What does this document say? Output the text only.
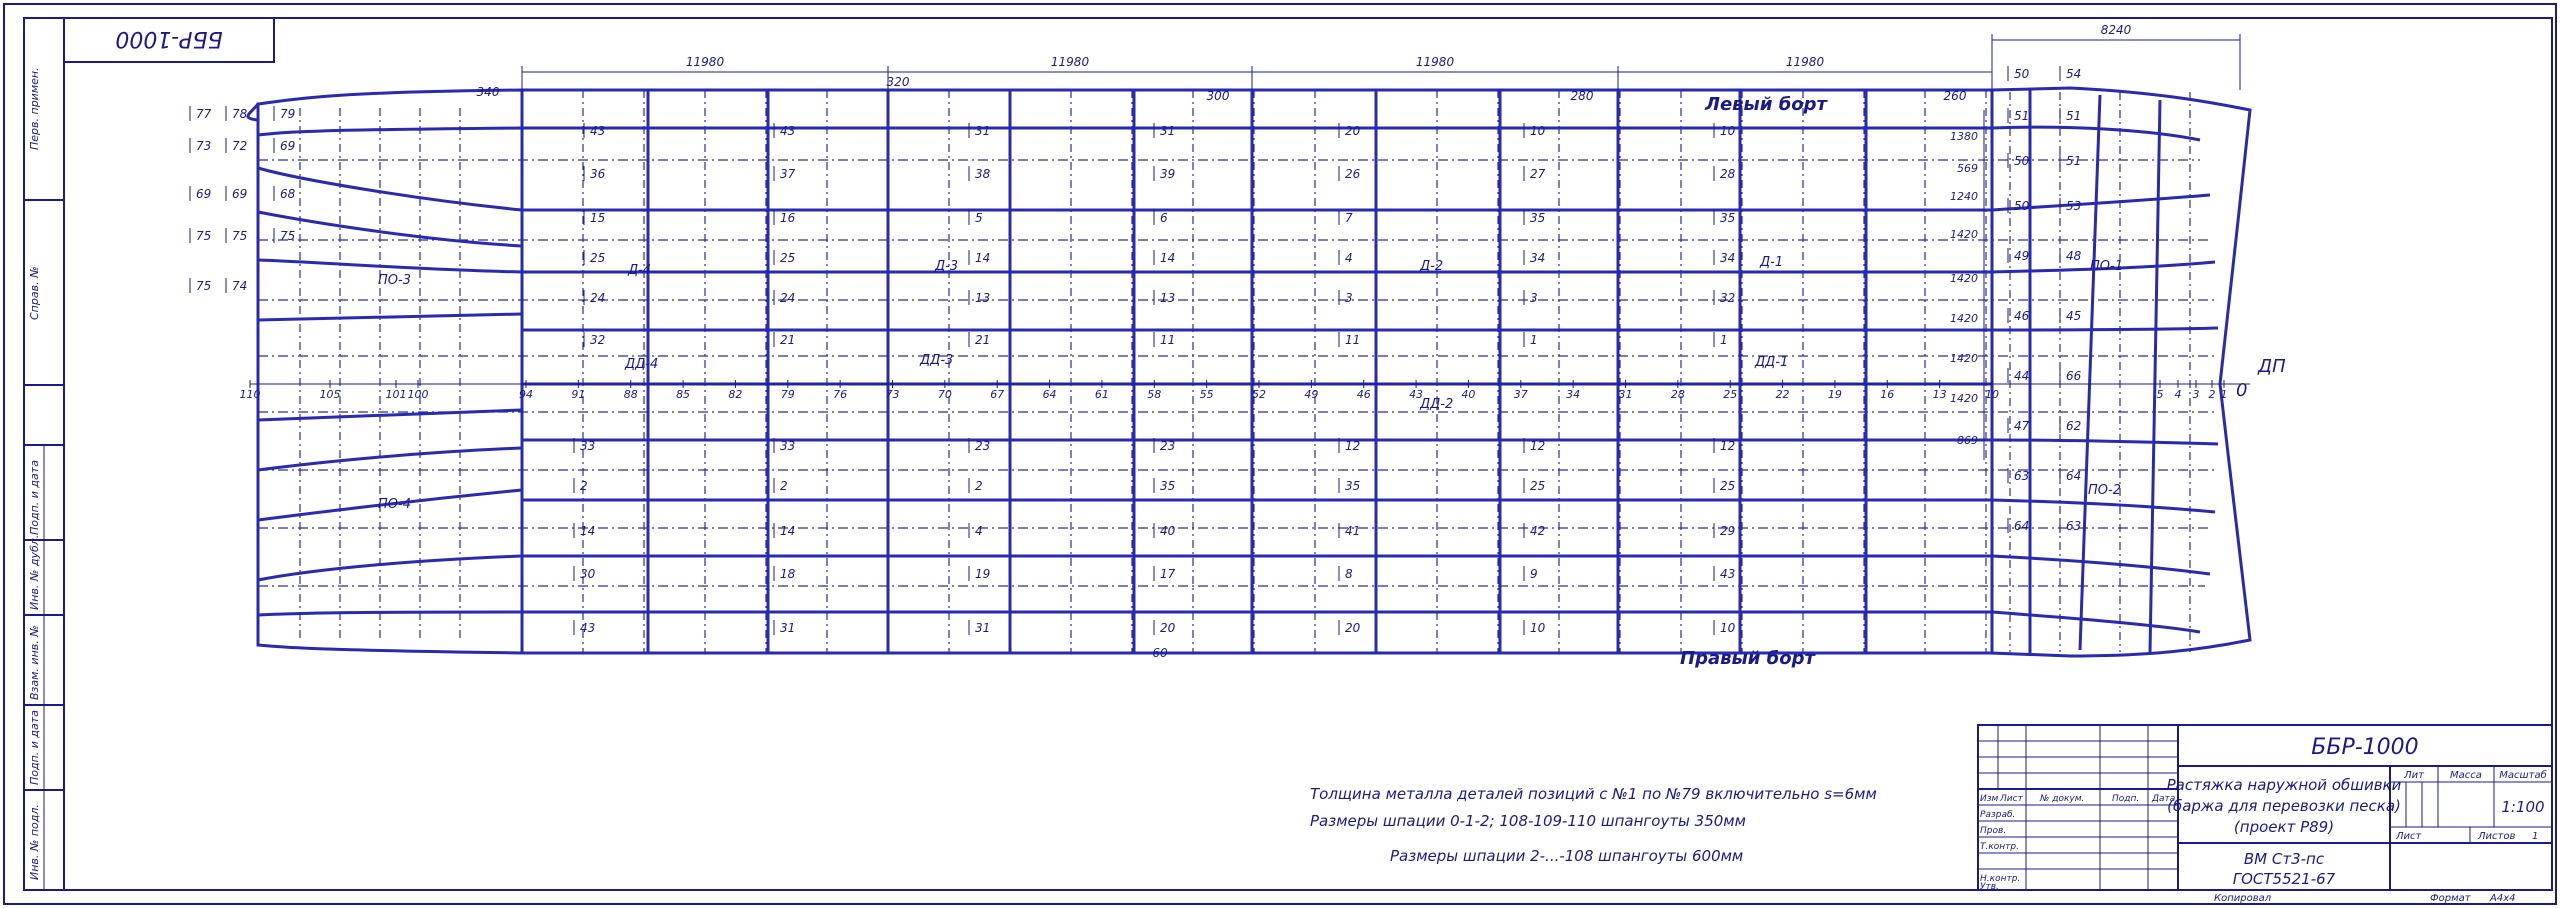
ББР-1000
Перв. примен.
Справ. №
Подп. и дата
Инв. № дубл.
Взам. инв. №
Подп. и дата
Инв. № подл.
ДП
0
110	105	101 100	94	91	88	85	82	79	76	73	70	67	64	61	58	55	52	49	46	43	40	37	34	31	28	25	22	19	16	13	10	5 4 3 2 1
Левый борт
Правый борт
11980	11980	11980	11980
8240
340
320
300	280	260
60
1380
569
1240
1420
1420
1420
1420
1420
869
ПО-3
ПО-4
Д-4
ДД-4
Д-3
ДД-3
Д-2
ДД-2
Д-1
ДД-1
ПО-1
ПО-2
43	43	31	31	20	10	10
36	37	38	39	26	27	28
15	16	5	6	7	35	35
25	25	14	14	4	34	34
24	24	13	13	3	3	32
32	21	21	11	11	1	1
33	33	23	23	12	12	12
2	2	2	35	35	25	25
14	14	4	40	41	42	29
30	18	19	17	8	9	43
43	31	31	20	20	10	10
77 78	79
73 72	69
69 69	68
75 75	75
75 74
50	54
51	51
50	51
50	53
49	48
46	45
44	66
47	62
63	64
64	63
Толщина металла деталей позиций с №1 по №79 включительно s=6мм
Размеры шпации 0-1-2; 108-109-110 шпангоуты 350мм
Размеры шпации 2-...-108 шпангоуты 600мм
ББР-1000
Растяжка наружной обшивки
(баржа для перевозки песка)
(проект Р89)
ВМ Ст3-пс
ГОСТ5521-67
Лит	Масса Масштаб
1:100
Лист	Листов 1
Изм Лист № докум.	Подп. Дата
Разраб.
Пров.
Т.контр.
Н.контр.
Утв.
Копировал	Формат A4x4
